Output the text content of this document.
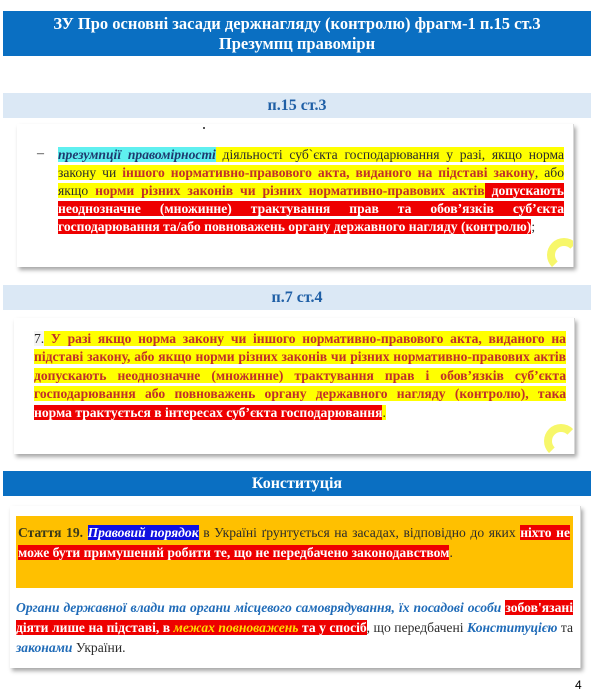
ЗУ Про основні засади держнагляду (контролю) фрагм-1 п.15 ст.3
Презумпц правомірн
п.15 ст.3
– презумпції правомірності діяльності суб`єкта господарювання у разі, якщо норма закону чи іншого нормативно-правового акта, виданого на підставі закону, або якщо норми різних законів чи різних нормативно-правових актів допускають неоднозначне (множинне) трактування прав та обов’язків суб’єкта господарювання та/або повноважень органу державного нагляду (контролю);
п.7 ст.4
7. У разі якщо норма закону чи іншого нормативно-правового акта, виданого на підставі закону, або якщо норми різних законів чи різних нормативно-правових актів допускають неоднозначне (множинне) трактування прав і обов’язків суб’єкта господарювання або повноважень органу державного нагляду (контролю), така норма трактується в інтересах суб’єкта господарювання.
Конституція
Стаття 19. Правовий порядок в Україні ґрунтується на засадах, відповідно до яких ніхто не може бути примушений робити те, що не передбачено законодавством.
Органи державної влади та органи місцевого самоврядування, їх посадові особи зобов'язані діяти лише на підставі, в межах повноважень та у спосіб, що передбачені Конституцією та законами України.
4
